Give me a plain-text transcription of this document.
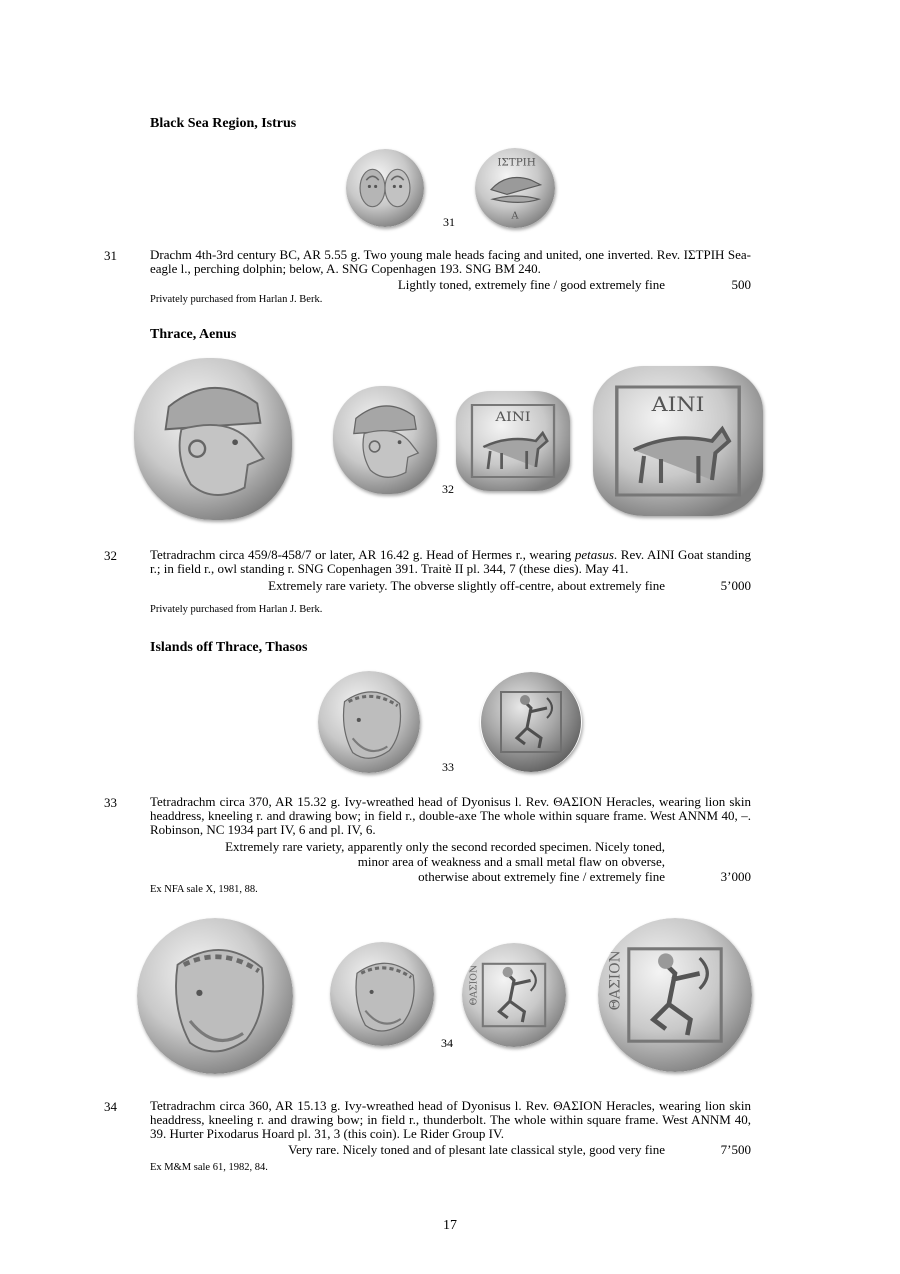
Black Sea Region, Istrus
ΙΣΤΡΙΗ
A
31
31	Drachm 4th-3rd century BC, AR 5.55 g. Two young male heads facing and united, one inverted. Rev. ΙΣΤΡΙΗ Sea-eagle l., perching dolphin; below, A. SNG Copenhagen 193. SNG BM 240.

Lightly toned, extremely fine / good extremely fine	500

Privately purchased from Harlan J. Berk.

Thrace, Aenus
ΑΙΝΙ
ΑΙΝΙ
32
32	Tetradrachm circa 459/8-458/7 or later, AR 16.42 g. Head of Hermes r., wearing petasus. Rev. AINI Goat standing r.; in field r., owl standing r. SNG Copenhagen 391. Traitè II pl. 344, 7 (these dies). May 41.

Extremely rare variety. The obverse slightly off-centre, about extremely fine	5’000

Privately purchased from Harlan J. Berk.

Islands off Thrace, Thasos
33
33	Tetradrachm circa 370, AR 15.32 g. Ivy-wreathed head of Dyonisus l. Rev. ΘΑΣΙΟΝ Heracles, wearing lion skin headdress, kneeling r. and drawing bow; in field r., double-axe The whole within square frame. West ANNM 40, –. Robinson, NC 1934 part IV, 6 and pl. IV, 6.

Extremely rare variety, apparently only the second recorded specimen. Nicely toned,
minor area of weakness and a small metal flaw on obverse,
otherwise about extremely fine / extremely fine	3’000

Ex NFA sale X, 1981, 88.

ΘΑΣΙΟΝ	ΘΑΣΙΟΝ
34
34	Tetradrachm circa 360, AR 15.13 g. Ivy-wreathed head of Dyonisus l. Rev. ΘΑΣΙΟΝ Heracles, wearing lion skin headdress, kneeling r. and drawing bow; in field r., thunderbolt. The whole within square frame. West ANNM 40, 39. Hurter Pixodarus Hoard pl. 31, 3 (this coin). Le Rider Group IV.

Very rare. Nicely toned and of plesant late classical style, good very fine	7’500

Ex M&M sale 61, 1982, 84.

17
